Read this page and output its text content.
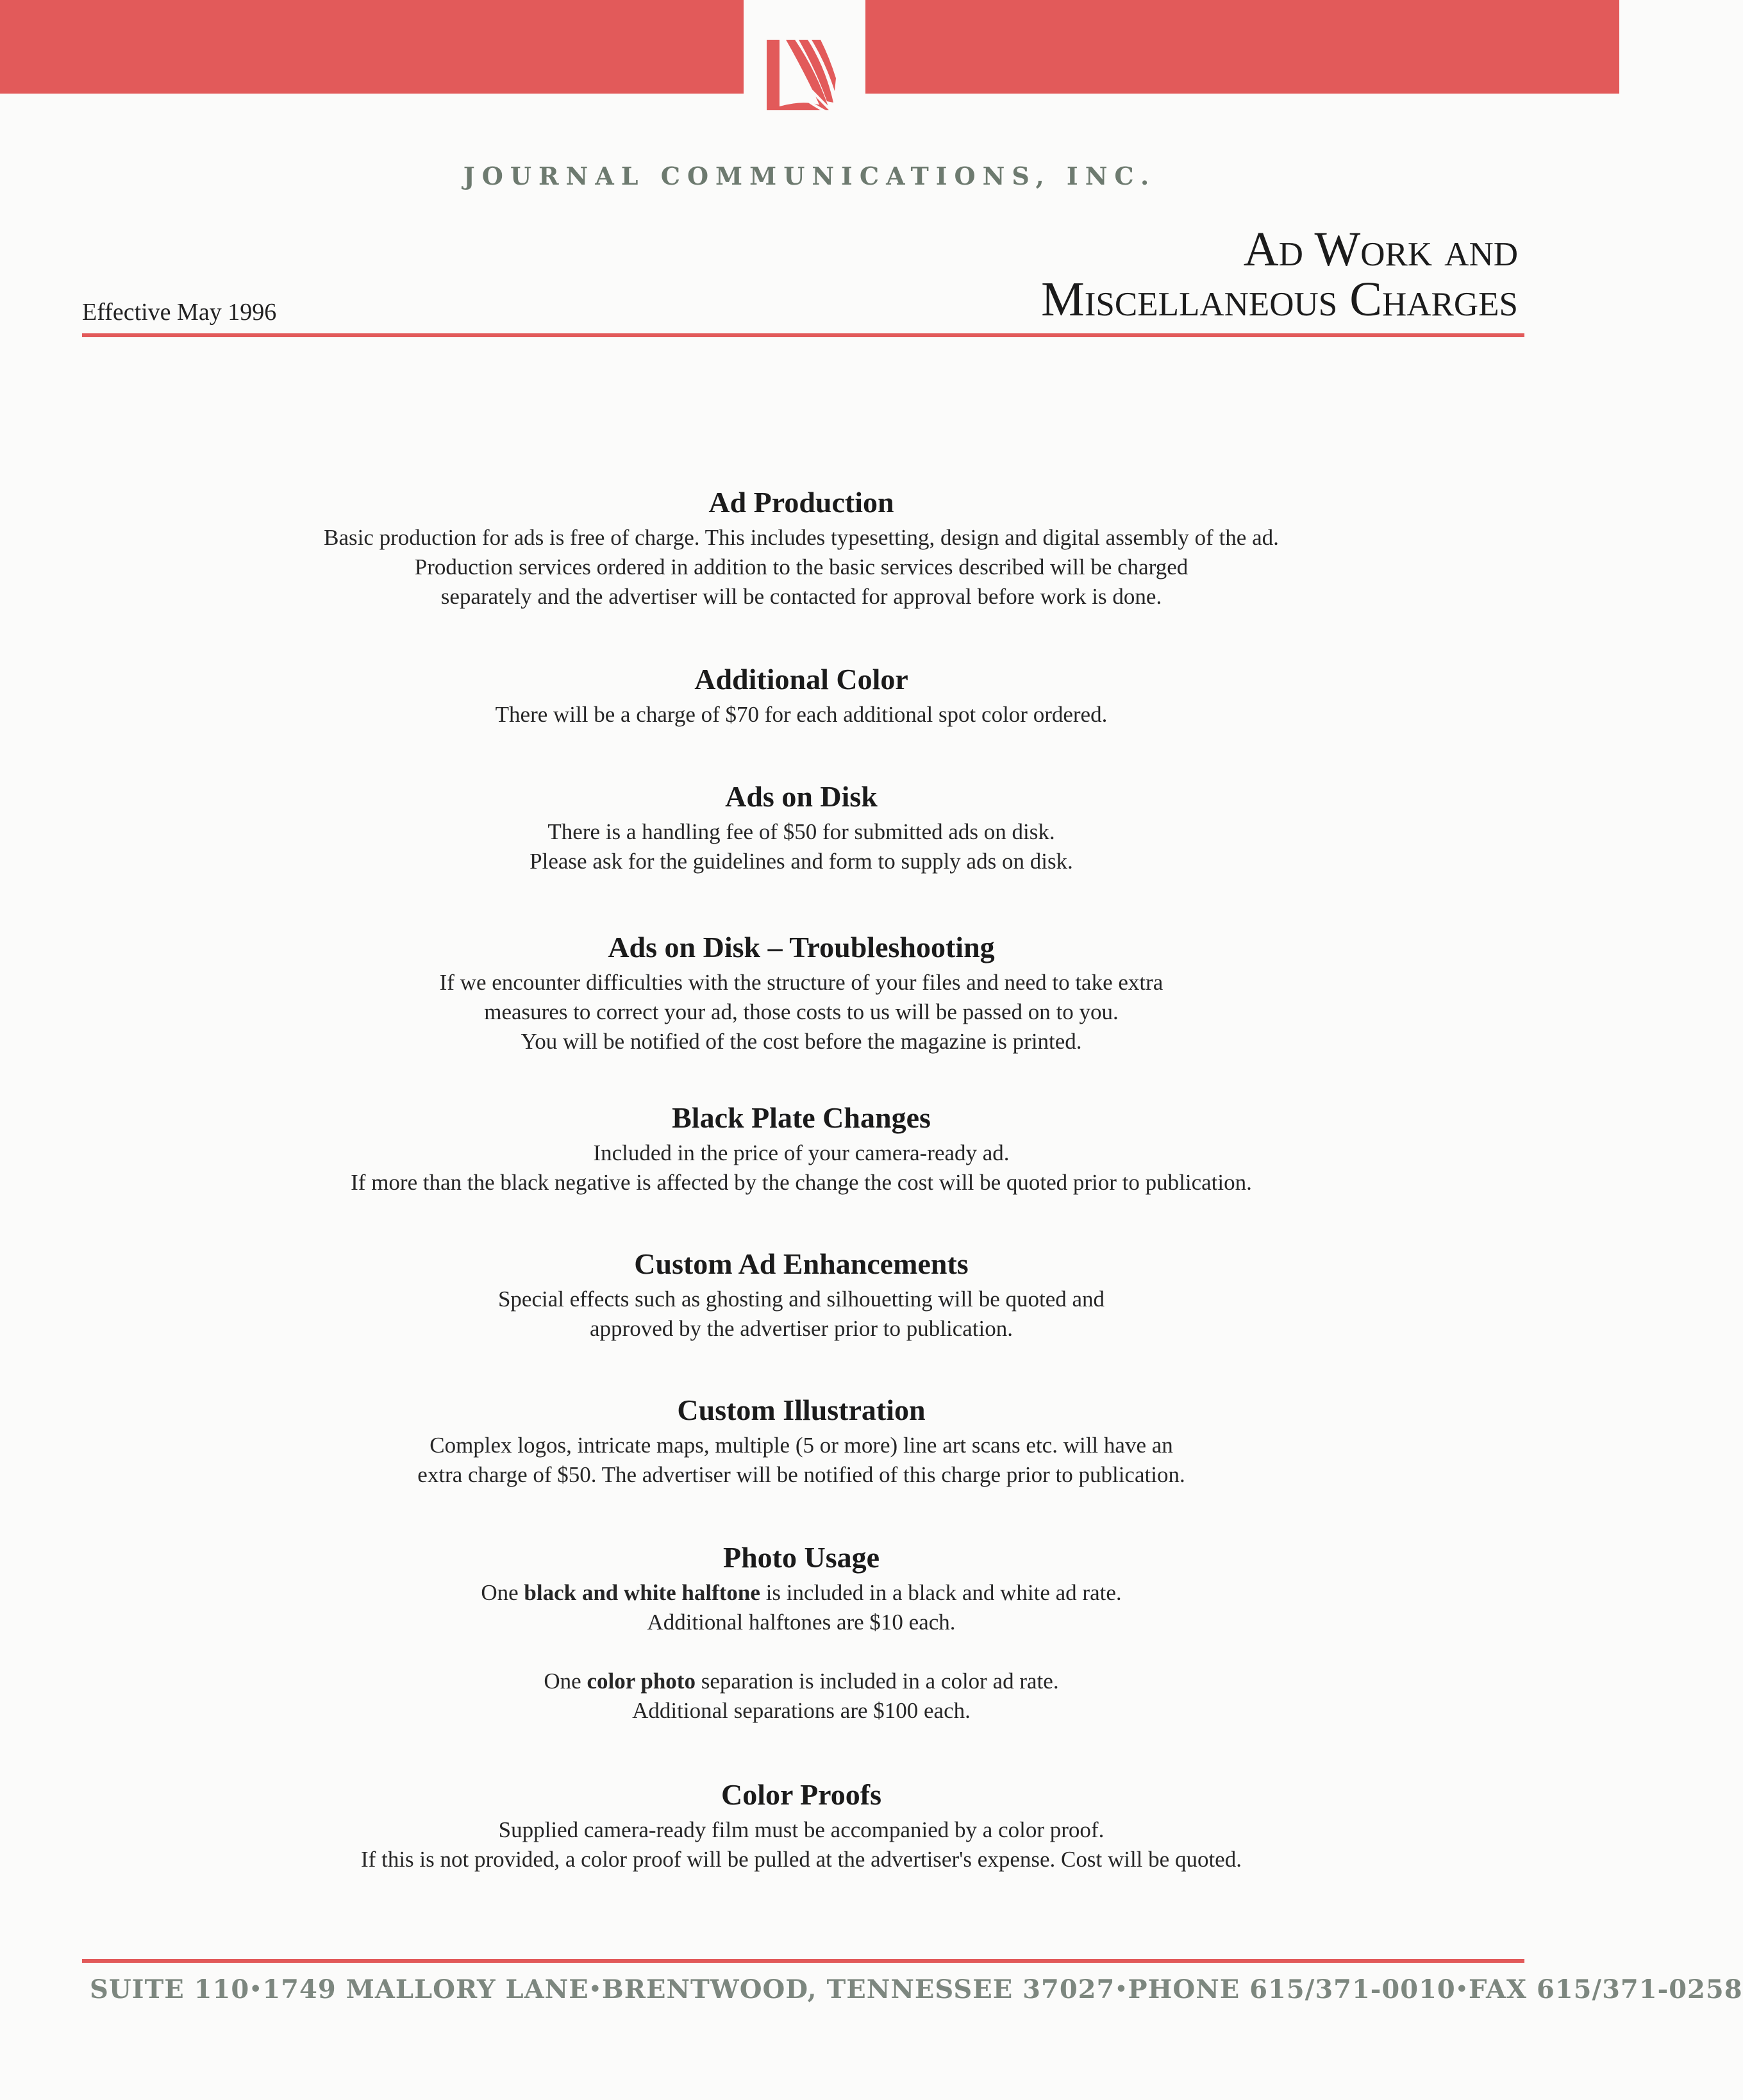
JOURNAL COMMUNICATIONS, INC.
Ad Work and
Miscellaneous Charges
Effective May 1996
Ad Production

Basic production for ads is free of charge. This includes typesetting, design and digital assembly of the ad.
Production services ordered in addition to the basic services described will be charged
separately and the advertiser will be contacted for approval before work is done.

Additional Color

There will be a charge of $70 for each additional spot color ordered.

Ads on Disk

There is a handling fee of $50 for submitted ads on disk.
Please ask for the guidelines and form to supply ads on disk.

Ads on Disk – Troubleshooting

If we encounter difficulties with the structure of your files and need to take extra
measures to correct your ad, those costs to us will be passed on to you.
You will be notified of the cost before the magazine is printed.

Black Plate Changes

Included in the price of your camera-ready ad.
If more than the black negative is affected by the change the cost will be quoted prior to publication.

Custom Ad Enhancements

Special effects such as ghosting and silhouetting will be quoted and
approved by the advertiser prior to publication.

Custom Illustration

Complex logos, intricate maps, multiple (5 or more) line art scans etc. will have an
extra charge of $50. The advertiser will be notified of this charge prior to publication.

Photo Usage

One black and white halftone is included in a black and white ad rate.
Additional halftones are $10 each.

One color photo separation is included in a color ad rate.
Additional separations are $100 each.

Color Proofs

Supplied camera-ready film must be accompanied by a color proof.
If this is not provided, a color proof will be pulled at the advertiser's expense. Cost will be quoted.

SUITE 110 • 1749 MALLORY LANE • BRENTWOOD, TENNESSEE 37027 • PHONE 615/371-0010 • FAX 615/371-0258
